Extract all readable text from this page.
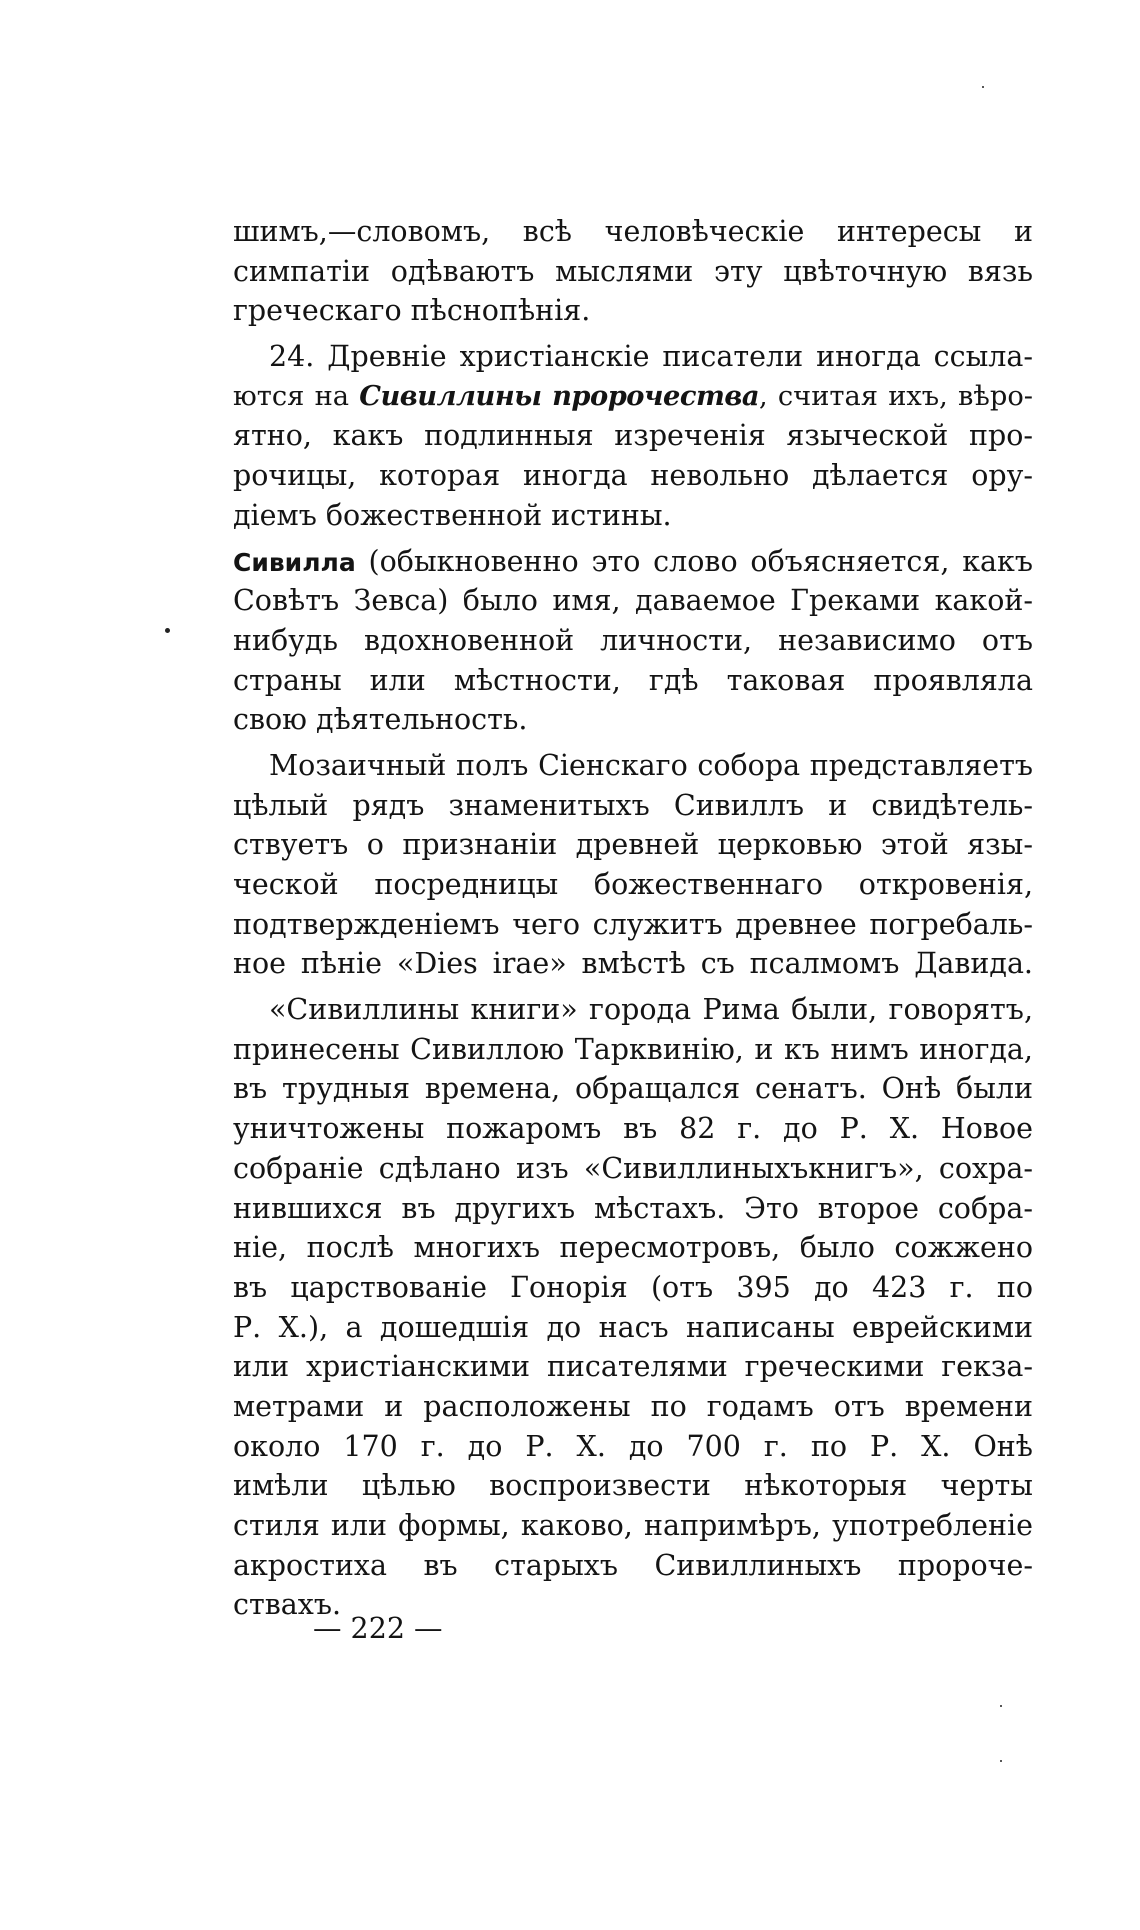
шимъ,—словомъ, всѣ человѣческіе интересы и
симпатіи одѣваютъ мыслями эту цвѣточную вязь
греческаго пѣснопѣнія.
24. Древніе христіанскіе писатели иногда ссыла-
ются на Сивиллины пророчества, считая ихъ, вѣро-
ятно, какъ подлинныя изреченія языческой про-
рочицы, которая иногда невольно дѣлается ору-
діемъ божественной истины.
Сивилла (обыкновенно это слово объясняется, какъ
Совѣтъ Зевса) было имя, даваемое Греками какой-
нибудь вдохновенной личности, независимо отъ
страны или мѣстности, гдѣ таковая проявляла
свою дѣятельность.
Мозаичный полъ Сіенскаго собора представляетъ
цѣлый рядъ знаменитыхъ Сивиллъ и свидѣтель-
ствуетъ о признаніи древней церковью этой язы-
ческой посредницы божественнаго откровенія,
подтвержденіемъ чего служитъ древнее погребаль-
ное пѣніе «Dies irae» вмѣстѣ съ псалмомъ Давида.
«Сивиллины книги» города Рима были, говорятъ,
принесены Сивиллою Тарквинію, и къ нимъ иногда,
въ трудныя времена, обращался сенатъ. Онѣ были
уничтожены пожаромъ въ 82 г. до Р. Х. Новое
собраніе сдѣлано изъ «Сивиллиныхъкнигъ», сохра-
нившихся въ другихъ мѣстахъ. Это второе собра-
ніе, послѣ многихъ пересмотровъ, было сожжено
въ царствованіе Гонорія (отъ 395 до 423 г. по
Р. Х.), а дошедшія до насъ написаны еврейскими
или христіанскими писателями греческими гекза-
метрами и расположены по годамъ отъ времени
около 170 г. до Р. Х. до 700 г. по Р. Х. Онѣ
имѣли цѣлью воспроизвести нѣкоторыя черты
стиля или формы, каково, напримѣръ, употребленіе
акростиха въ старыхъ Сивиллиныхъ пророче-
ствахъ.
— 222 —
